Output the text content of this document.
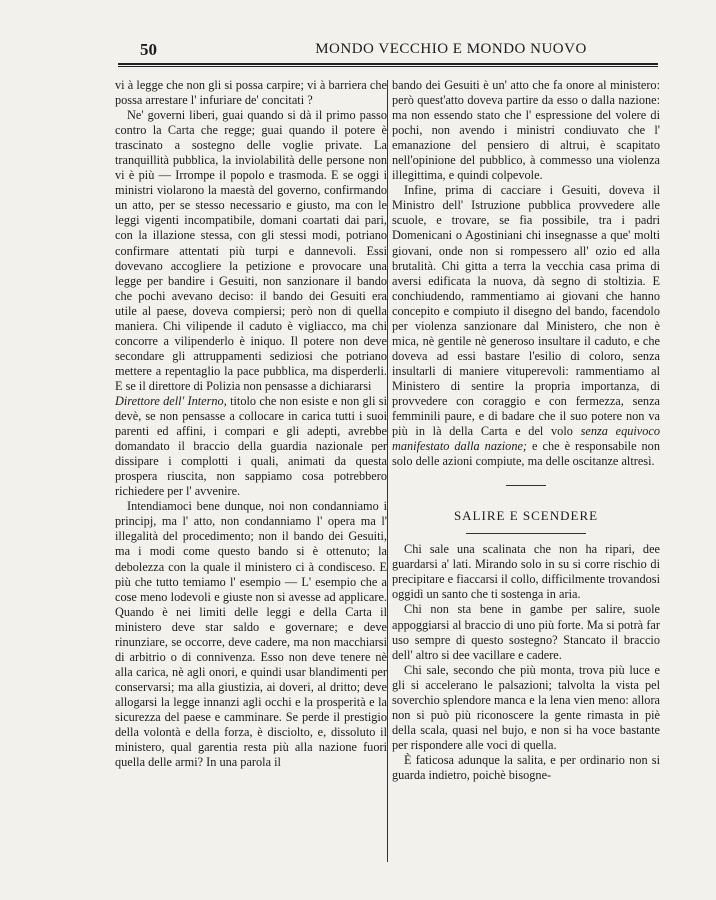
50	MONDO VECCHIO E MONDO NUOVO

vi à legge che non gli si possa carpire; vi à barriera che possa arrestare l' infuriare de' concitati ?

Ne' governi liberi, guai quando si dà il primo passo contro la Carta che regge; guai quando il potere è trascinato a sostegno delle voglie private. La tranquillità pubblica, la inviolabilità delle persone non vi è più — Irrompe il popolo e trasmoda. E se oggi i ministri violarono la maestà del governo, confirmando un atto, per se stesso necessario e giusto, ma con le leggi vigenti incompatibile, domani coartati dai pari, con la illazione stessa, con gli stessi modi, potriano confirmare attentati più turpi e dannevoli. Essi dovevano accogliere la petizione e provocare una legge per bandire i Gesuiti, non sanzionare il bando che pochi avevano deciso: il bando dei Gesuiti era utile al paese, doveva compiersi; però non di quella maniera. Chi vilipende il caduto è vigliacco, ma chi concorre a vilipenderlo è iniquo. Il potere non deve secondare gli attruppamenti sediziosi che potriano mettere a repentaglio la pace pubblica, ma disperderli. E se il direttore di Polizia non pensasse a dichiararsi

Direttore dell' Interno, titolo che non esiste e non gli si devè, se non pensasse a collocare in carica tutti i suoi parenti ed affini, i compari e gli adepti, avrebbe domandato il braccio della guardia nazionale per dissipare i complotti i quali, animati da questa prospera riuscita, non sappiamo cosa potrebbero richiedere per l' avvenire.

Intendiamoci bene dunque, noi non condanniamo i principj, ma l' atto, non condanniamo l' opera ma l' illegalità del procedimento; non il bando dei Gesuiti, ma i modi come questo bando si è ottenuto; la debolezza con la quale il ministero ci à condisceso. E più che tutto temiamo l' esempio — L' esempio che a cose meno lodevoli e giuste non si avesse ad applicare. Quando è nei limiti delle leggi e della Carta il ministero deve star saldo e governare; e deve rinunziare, se occorre, deve cadere, ma non macchiarsi di arbitrio o di connivenza. Esso non deve tenere nè alla carica, nè agli onori, e quindi usar blandimenti per conservarsi; ma alla giustizia, ai doveri, al dritto; deve allogarsi la legge innanzi agli occhi e la prosperità e la sicurezza del paese e camminare. Se perde il prestigio della volontà e della forza, è disciolto, e, dissoluto il ministero, qual garentia resta più alla nazione fuori quella delle armi? In una parola il

bando dei Gesuiti è un' atto che fa onore al ministero: però quest'atto doveva partire da esso o dalla nazione: ma non essendo stato che l' espressione del volere di pochi, non avendo i ministri condiuvato che l' emanazione del pensiero di altrui, è scapitato nell'opinione del pubblico, à commesso una violenza illegittima, e quindi colpevole.

Infine, prima di cacciare i Gesuiti, doveva il Ministro dell' Istruzione pubblica provvedere alle scuole, e trovare, se fia possibile, tra i padri Domenicani o Agostiniani chi insegnasse a que' molti giovani, onde non si rompessero all' ozio ed alla brutalità. Chi gitta a terra la vecchia casa prima di aversi edificata la nuova, dà segno di stoltizia. E conchiudendo, rammentiamo ai giovani che hanno concepito e compiuto il disegno del bando, facendolo per violenza sanzionare dal Ministero, che non è mica, nè gentile nè generoso insultare il caduto, e che doveva ad essi bastare l'esilio di coloro, senza insultarli di maniere vituperevoli: rammentiamo al Ministero di sentire la propria importanza, di provvedere con coraggio e con fermezza, senza femminili paure, e di badare che il suo potere non va più in là della Carta e del volo senza equivoco manifestato dalla nazione; e che è responsabile non solo delle azioni compiute, ma delle oscitanze altresì.

SALIRE E SCENDERE

Chi sale una scalinata che non ha ripari, dee guardarsi a' lati. Mirando solo in su si corre rischio di precipitare e fiaccarsi il collo, difficilmente trovandosi oggidì un santo che ti sostenga in aria.

Chi non sta bene in gambe per salire, suole appoggiarsi al braccio di uno più forte. Ma si potrà far uso sempre di questo sostegno? Stancato il braccio dell' altro si dee vacillare e cadere.

Chi sale, secondo che più monta, trova più luce e gli si accelerano le palsazioni; talvolta la vista pel soverchio splendore manca e la lena vien meno: allora non si può più riconoscere la gente rimasta in piè della scala, quasi nel bujo, e non si ha voce bastante per rispondere alle voci di quella.

È faticosa adunque la salita, e per ordinario non si guarda indietro, poichè bisogne-
